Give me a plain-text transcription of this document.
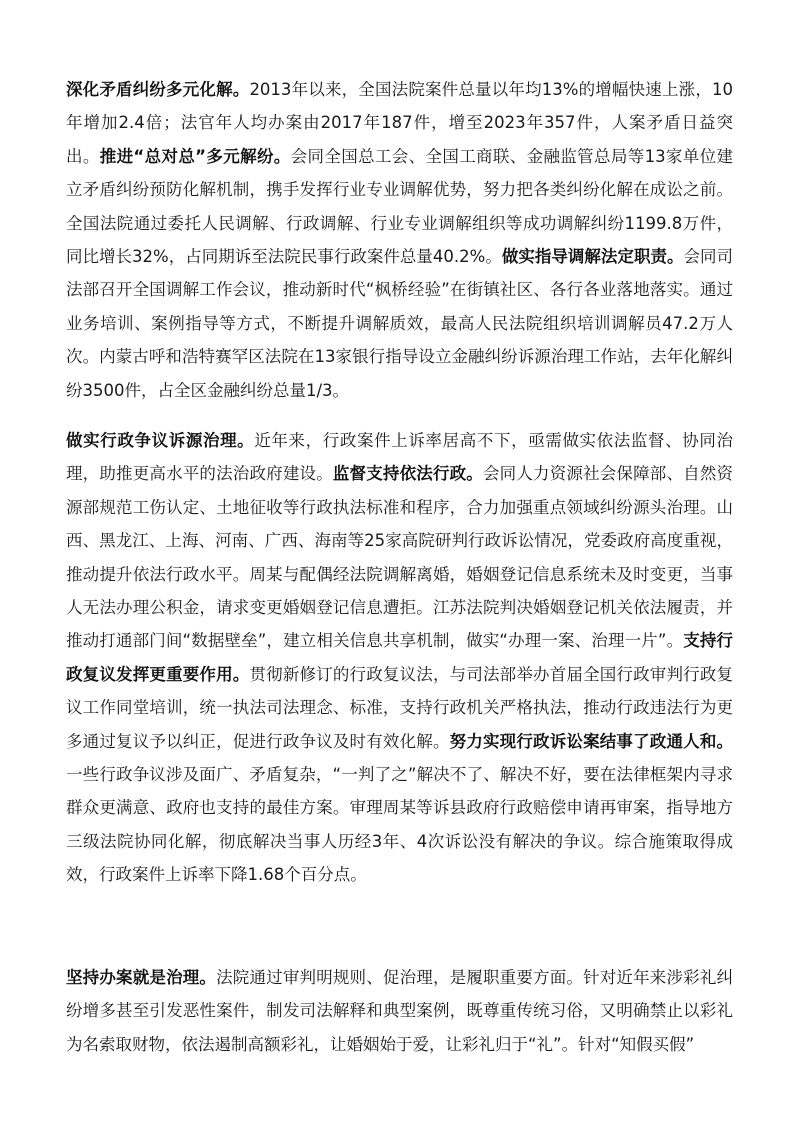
深化矛盾纠纷多元化解。2013年以来，全国法院案件总量以年均13%的增幅快速上涨，10年增加2.4倍；法官年人均办案由2017年187件，增至2023年357件，人案矛盾日益突出。推进“总对总”多元解纷。会同全国总工会、全国工商联、金融监管总局等13家单位建立矛盾纠纷预防化解机制，携手发挥行业专业调解优势，努力把各类纠纷化解在成讼之前。全国法院通过委托人民调解、行政调解、行业专业调解组织等成功调解纠纷1199.8万件，同比增长32%，占同期诉至法院民事行政案件总量40.2%。做实指导调解法定职责。会同司法部召开全国调解工作会议，推动新时代“枫桥经验”在街镇社区、各行各业落地落实。通过业务培训、案例指导等方式，不断提升调解质效，最高人民法院组织培训调解员47.2万人次。内蒙古呼和浩特赛罕区法院在13家银行指导设立金融纠纷诉源治理工作站，去年化解纠纷3500件，占全区金融纠纷总量1/3。

做实行政争议诉源治理。近年来，行政案件上诉率居高不下，亟需做实依法监督、协同治理，助推更高水平的法治政府建设。监督支持依法行政。会同人力资源社会保障部、自然资源部规范工伤认定、土地征收等行政执法标准和程序，合力加强重点领域纠纷源头治理。山西、黑龙江、上海、河南、广西、海南等25家高院研判行政诉讼情况，党委政府高度重视，推动提升依法行政水平。周某与配偶经法院调解离婚，婚姻登记信息系统未及时变更，当事人无法办理公积金，请求变更婚姻登记信息遭拒。江苏法院判决婚姻登记机关依法履责，并推动打通部门间“数据壁垒”，建立相关信息共享机制，做实“办理一案、治理一片”。支持行政复议发挥更重要作用。贯彻新修订的行政复议法，与司法部举办首届全国行政审判行政复议工作同堂培训，统一执法司法理念、标准，支持行政机关严格执法，推动行政违法行为更多通过复议予以纠正，促进行政争议及时有效化解。努力实现行政诉讼案结事了政通人和。一些行政争议涉及面广、矛盾复杂，“一判了之”解决不了、解决不好，要在法律框架内寻求群众更满意、政府也支持的最佳方案。审理周某等诉县政府行政赔偿申请再审案，指导地方三级法院协同化解，彻底解决当事人历经3年、4次诉讼没有解决的争议。综合施策取得成效，行政案件上诉率下降1.68个百分点。

坚持办案就是治理。法院通过审判明规则、促治理，是履职重要方面。针对近年来涉彩礼纠纷增多甚至引发恶性案件，制发司法解释和典型案例，既尊重传统习俗，又明确禁止以彩礼为名索取财物，依法遏制高额彩礼，让婚姻始于爱，让彩礼归于“礼”。针对“知假买假”
